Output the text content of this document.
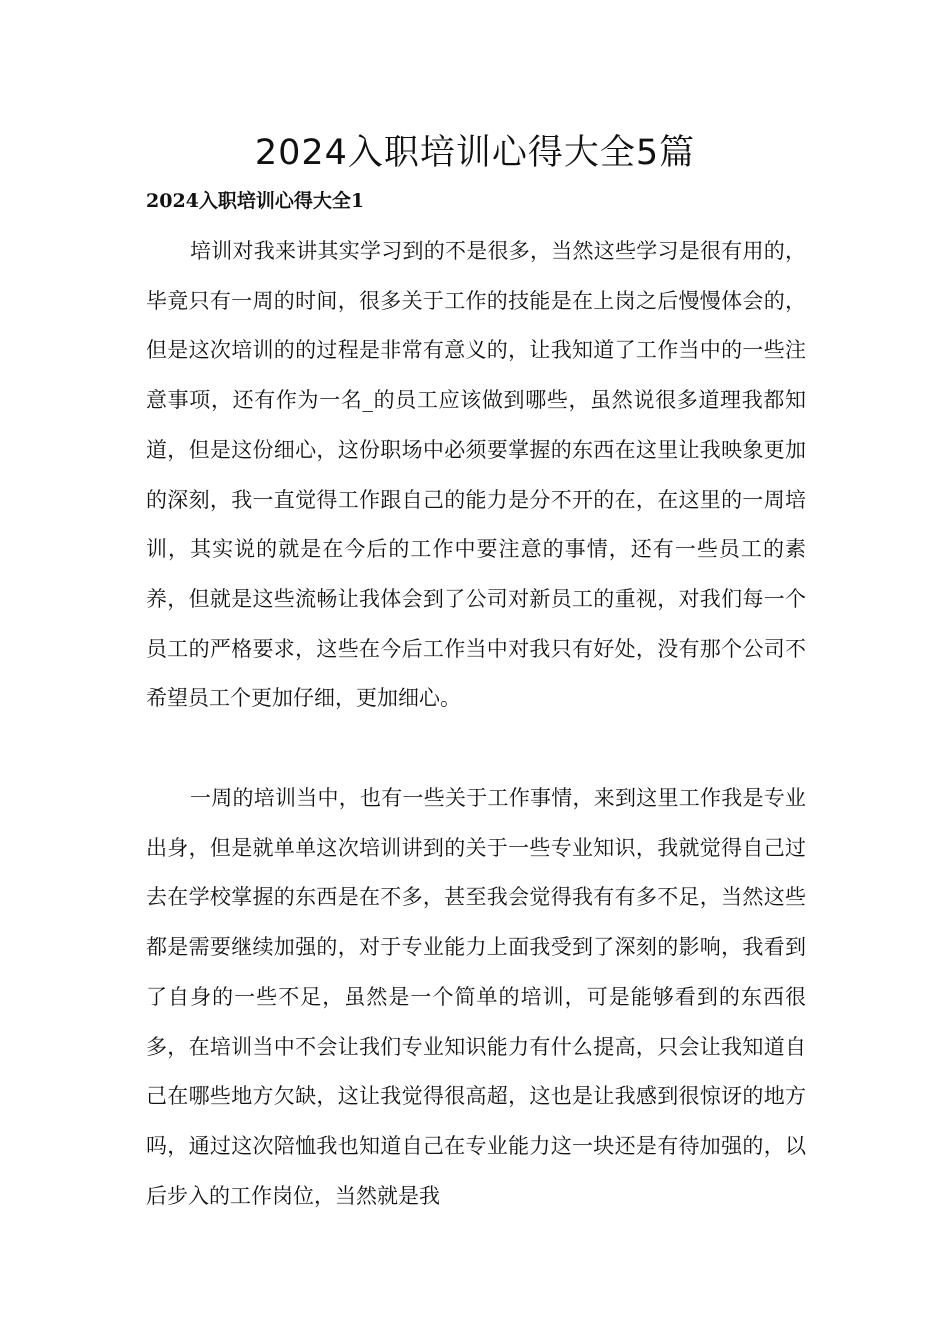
2024入职培训心得大全5篇
2024入职培训心得大全1

培训对我来讲其实学习到的不是很多，当然这些学习是很有用的，毕竟只有一周的时间，很多关于工作的技能是在上岗之后慢慢体会的，但是这次培训的的过程是非常有意义的，让我知道了工作当中的一些注意事项，还有作为一名_的员工应该做到哪些，虽然说很多道理我都知道，但是这份细心，这份职场中必须要掌握的东西在这里让我映象更加的深刻，我一直觉得工作跟自己的能力是分不开的在，在这里的一周培训，其实说的就是在今后的工作中要注意的事情，还有一些员工的素养，但就是这些流畅让我体会到了公司对新员工的重视，对我们每一个员工的严格要求，这些在今后工作当中对我只有好处，没有那个公司不希望员工个更加仔细，更加细心。

一周的培训当中，也有一些关于工作事情，来到这里工作我是专业出身，但是就单单这次培训讲到的关于一些专业知识，我就觉得自己过去在学校掌握的东西是在不多，甚至我会觉得我有有多不足，当然这些都是需要继续加强的，对于专业能力上面我受到了深刻的影响，我看到了自身的一些不足，虽然是一个简单的培训，可是能够看到的东西很多，在培训当中不会让我们专业知识能力有什么提高，只会让我知道自己在哪些地方欠缺，这让我觉得很高超，这也是让我感到很惊讶的地方吗，通过这次陪恤我也知道自己在专业能力这一块还是有待加强的，以后步入的工作岗位，当然就是我
